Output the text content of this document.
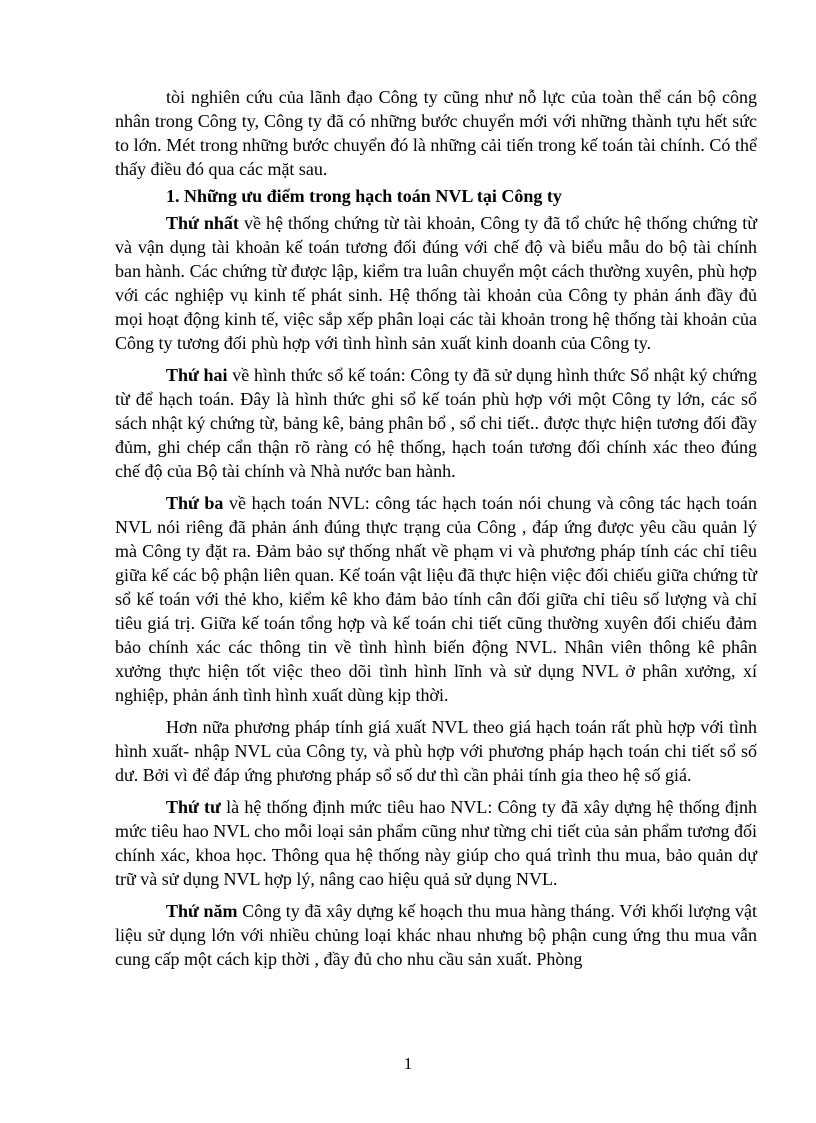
tòi nghiên cứu của lãnh đạo Công ty cũng như nỗ lực của toàn thể cán bộ công nhân trong Công ty, Công ty đã có những bước chuyển mới với những thành tựu hết sức to lớn. Mét trong những bước chuyển đó là những cải tiến trong kế toán tài chính. Có thể thấy điều đó qua các mặt sau.

1. Những ưu điểm trong hạch toán NVL tại Công ty

Thứ nhất về hệ thống chứng từ tài khoản, Công ty đã tổ chức hệ thống chứng từ và vận dụng tài khoản kế toán tương đối đúng với chế độ và biểu mẫu do bộ tài chính ban hành. Các chứng từ được lập, kiểm tra luân chuyển một cách thường xuyên, phù hợp với các nghiệp vụ kinh tế phát sinh. Hệ thống tài khoản của Công ty phản ánh đầy đủ mọi hoạt động kinh tế, việc sắp xếp phân loại các tài khoản trong hệ thống tài khoản của Công ty tương đối phù hợp với tình hình sản xuất kinh doanh của Công ty.

Thứ hai về hình thức sổ kế toán: Công ty đã sử dụng hình thức Sổ nhật ký chứng từ để hạch toán. Đây là hình thức ghi sổ kế toán phù hợp với một Công ty lớn, các sổ sách nhật ký chứng từ, bảng kê, bảng phân bổ , sổ chi tiết.. được thực hiện tương đối đầy đủm, ghi chép cẩn thận rõ ràng có hệ thống, hạch toán tương đối chính xác theo đúng chế độ của Bộ tài chính và Nhà nước ban hành.

Thứ ba về hạch toán NVL: công tác hạch toán nói chung và công tác hạch toán NVL nói riêng đã phản ánh đúng thực trạng của Công , đáp ứng được yêu cầu quản lý mà Công ty đặt ra. Đảm bảo sự thống nhất về phạm vi và phương pháp tính các chỉ tiêu giữa kế các bộ phận liên quan. Kế toán vật liệu đã thực hiện việc đối chiếu giữa chứng từ sổ kế toán với thẻ kho, kiểm kê kho đảm bảo tính cân đối giữa chỉ tiêu số lượng và chỉ tiêu giá trị. Giữa kế toán tổng hợp và kế toán chi tiết cũng thường xuyên đối chiếu đảm bảo chính xác các thông tin về tình hình biến động NVL. Nhân viên thông kê phân xưởng thực hiện tốt việc theo dõi tình hình lĩnh và sử dụng NVL ở phân xưởng, xí nghiệp, phản ánh tình hình xuất dùng kịp thời.

Hơn nữa phương pháp tính giá xuất NVL theo giá hạch toán rất phù hợp với tình hình xuất- nhập NVL của Công ty, và phù hợp với phương pháp hạch toán chi tiết sổ số dư. Bởi vì để đáp ứng phương pháp sổ số dư thì cần phải tính gia theo hệ số giá.

Thứ tư là hệ thống định mức tiêu hao NVL: Công ty đã xây dựng hệ thống định mức tiêu hao NVL cho mỗi loại sản phẩm cũng như từng chi tiết của sản phẩm tương đối chính xác, khoa học. Thông qua hệ thống này giúp cho quá trình thu mua, bảo quản dự trữ và sử dụng NVL hợp lý, nâng cao hiệu quả sử dụng NVL.

Thứ năm Công ty đã xây dựng kế hoạch thu mua hàng tháng. Với khối lượng vật liệu sử dụng lớn với nhiều chủng loại khác nhau nhưng bộ phận cung ứng thu mua vẫn cung cấp một cách kịp thời , đầy đủ cho nhu cầu sản xuất. Phòng

1
